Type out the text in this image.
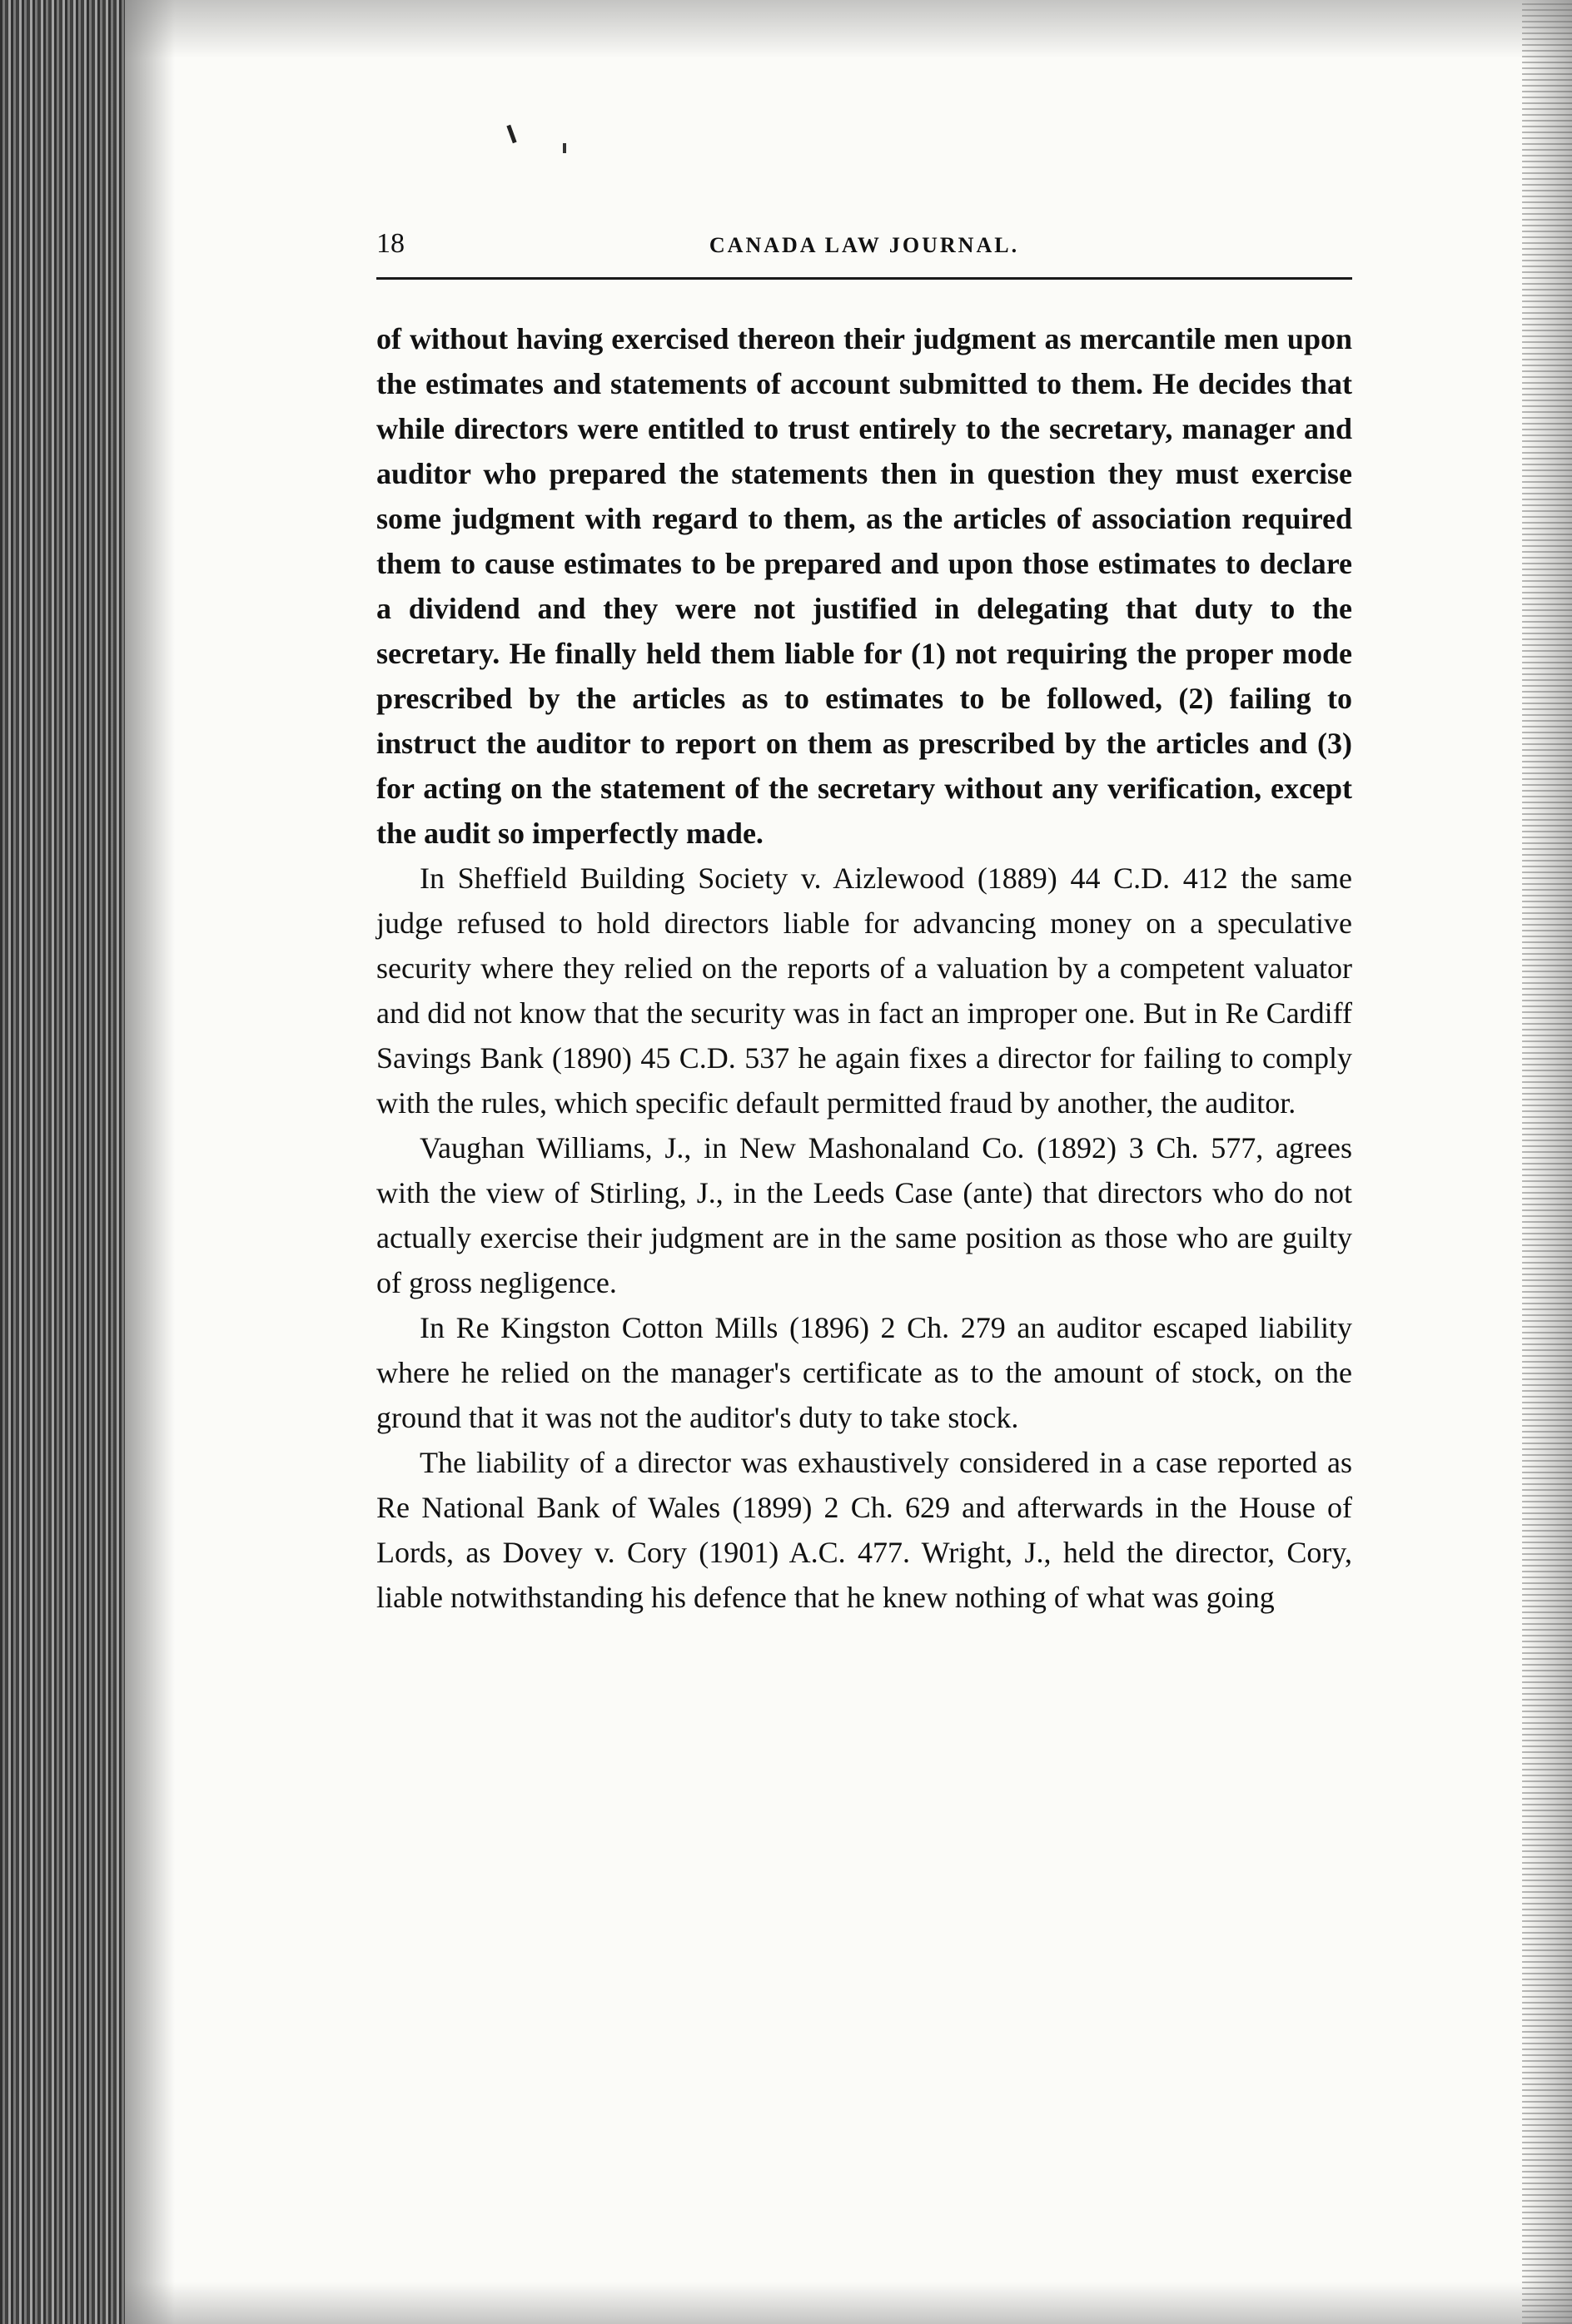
18	CANADA LAW JOURNAL.

of without having exercised thereon their judgment as mercantile men upon the estimates and statements of account submitted to them. He decides that while directors were entitled to trust entirely to the secretary, manager and auditor who prepared the statements then in question they must exercise some judgment with regard to them, as the articles of association required them to cause estimates to be prepared and upon those estimates to declare a dividend and they were not justified in delegating that duty to the secretary. He finally held them liable for (1) not requiring the proper mode prescribed by the articles as to estimates to be followed, (2) failing to instruct the auditor to report on them as prescribed by the articles and (3) for acting on the statement of the secretary without any verification, except the audit so imperfectly made.

In Sheffield Building Society v. Aizlewood (1889) 44 C.D. 412 the same judge refused to hold directors liable for advancing money on a speculative security where they relied on the reports of a valuation by a competent valuator and did not know that the security was in fact an improper one. But in Re Cardiff Savings Bank (1890) 45 C.D. 537 he again fixes a director for failing to comply with the rules, which specific default permitted fraud by another, the auditor.

Vaughan Williams, J., in New Mashonaland Co. (1892) 3 Ch. 577, agrees with the view of Stirling, J., in the Leeds Case (ante) that directors who do not actually exercise their judgment are in the same position as those who are guilty of gross negligence.

In Re Kingston Cotton Mills (1896) 2 Ch. 279 an auditor escaped liability where he relied on the manager's certificate as to the amount of stock, on the ground that it was not the auditor's duty to take stock.

The liability of a director was exhaustively considered in a case reported as Re National Bank of Wales (1899) 2 Ch. 629 and afterwards in the House of Lords, as Dovey v. Cory (1901) A.C. 477. Wright, J., held the director, Cory, liable notwithstanding his defence that he knew nothing of what was going
